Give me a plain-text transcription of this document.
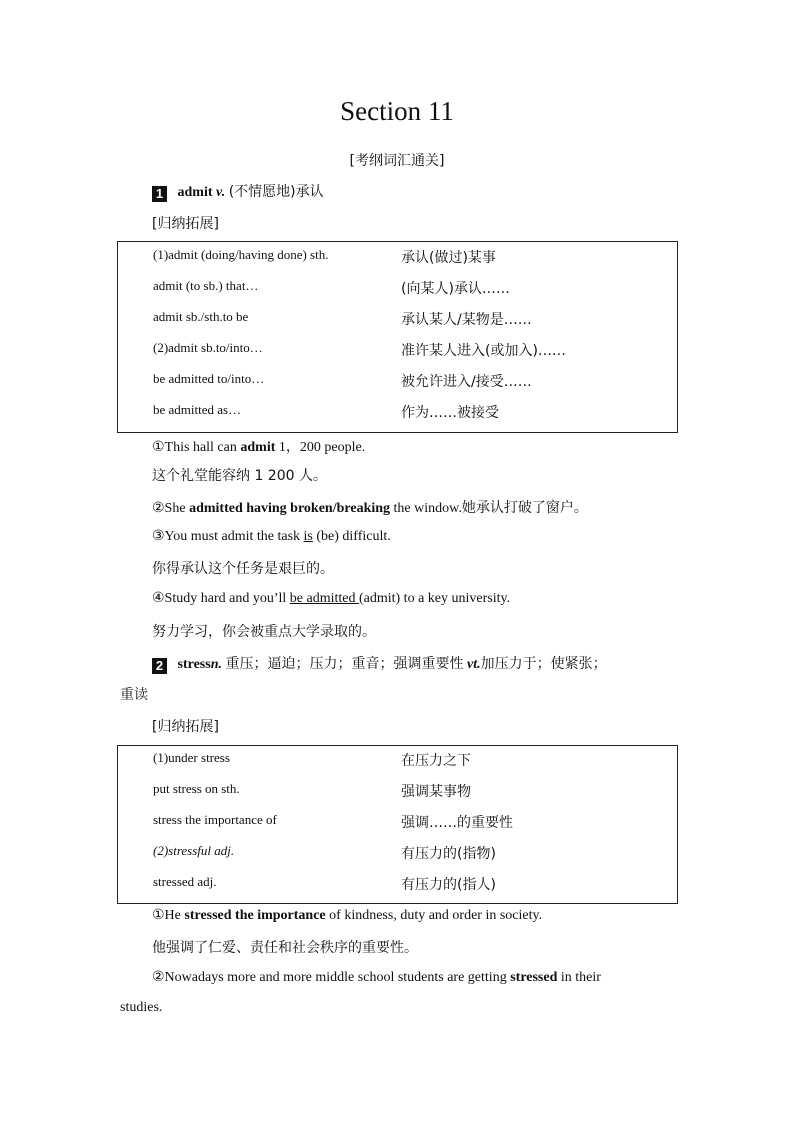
Section 11
[考纲词汇通关]
1 admit v. (不情愿地)承认
[归纳拓展]
(1)admit (doing/having done) sth.	承认(做过)某事
admit (to sb.) that…	(向某人)承认……
admit sb./sth.to be	承认某人/某物是……
(2)admit sb.to/into…	准许某人进入(或加入)……
be admitted to/into…	被允许进入/接受……
be admitted as…	作为……被接受
①This hall can admit 1，200 people.
这个礼堂能容纳 1 200 人。
②She admitted having broken/breaking the window.她承认打破了窗户。
③You must admit the task is (be) difficult.
你得承认这个任务是艰巨的。
④Study hard and you’ll be admitted (admit) to a key university.
努力学习，你会被重点大学录取的。
2 stressn. 重压；逼迫；压力；重音；强调重要性 vt.加压力于；使紧张；
重读
[归纳拓展]
(1)under stress	在压力之下
put stress on sth.	强调某事物
stress the importance of	强调……的重要性
(2)stressful adj.	有压力的(指物)
stressed adj.	有压力的(指人)
①He stressed the importance of kindness, duty and order in society.
他强调了仁爱、责任和社会秩序的重要性。
②Nowadays more and more middle school students are getting stressed in their
studies.
